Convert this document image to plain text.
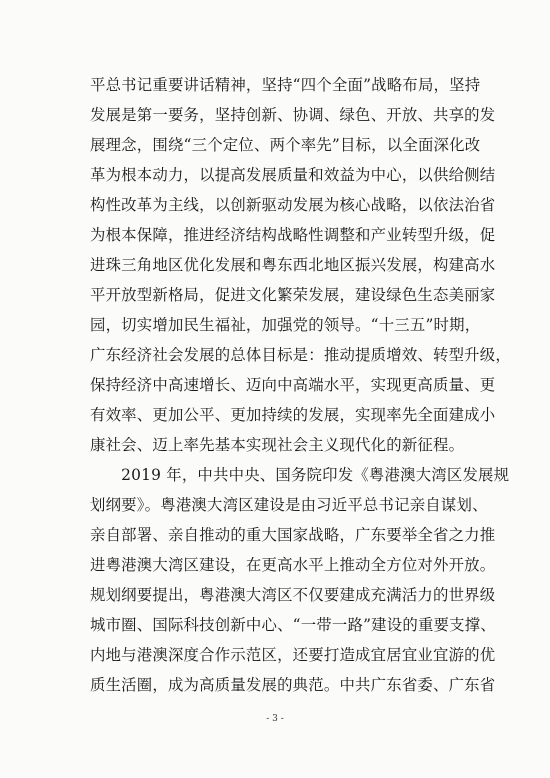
平总书记重要讲话精神，坚持“四个全面”战略布局，坚持
发展是第一要务，坚持创新、协调、绿色、开放、共享的发
展理念，围绕“三个定位、两个率先”目标，以全面深化改
革为根本动力，以提高发展质量和效益为中心，以供给侧结
构性改革为主线，以创新驱动发展为核心战略，以依法治省
为根本保障，推进经济结构战略性调整和产业转型升级，促
进珠三角地区优化发展和粤东西北地区振兴发展，构建高水
平开放型新格局，促进文化繁荣发展，建设绿色生态美丽家
园，切实增加民生福祉，加强党的领导。“十三五”时期，
广东经济社会发展的总体目标是：推动提质增效、转型升级，
保持经济中高速增长、迈向中高端水平，实现更高质量、更
有效率、更加公平、更加持续的发展，实现率先全面建成小
康社会、迈上率先基本实现社会主义现代化的新征程。
　　2019 年，中共中央、国务院印发《粤港澳大湾区发展规
划纲要》。粤港澳大湾区建设是由习近平总书记亲自谋划、
亲自部署、亲自推动的重大国家战略，广东要举全省之力推
进粤港澳大湾区建设，在更高水平上推动全方位对外开放。
规划纲要提出，粤港澳大湾区不仅要建成充满活力的世界级
城市圈、国际科技创新中心、“一带一路”建设的重要支撑、
内地与港澳深度合作示范区，还要打造成宜居宜业宜游的优
质生活圈，成为高质量发展的典范。中共广东省委、广东省
- 3 -
